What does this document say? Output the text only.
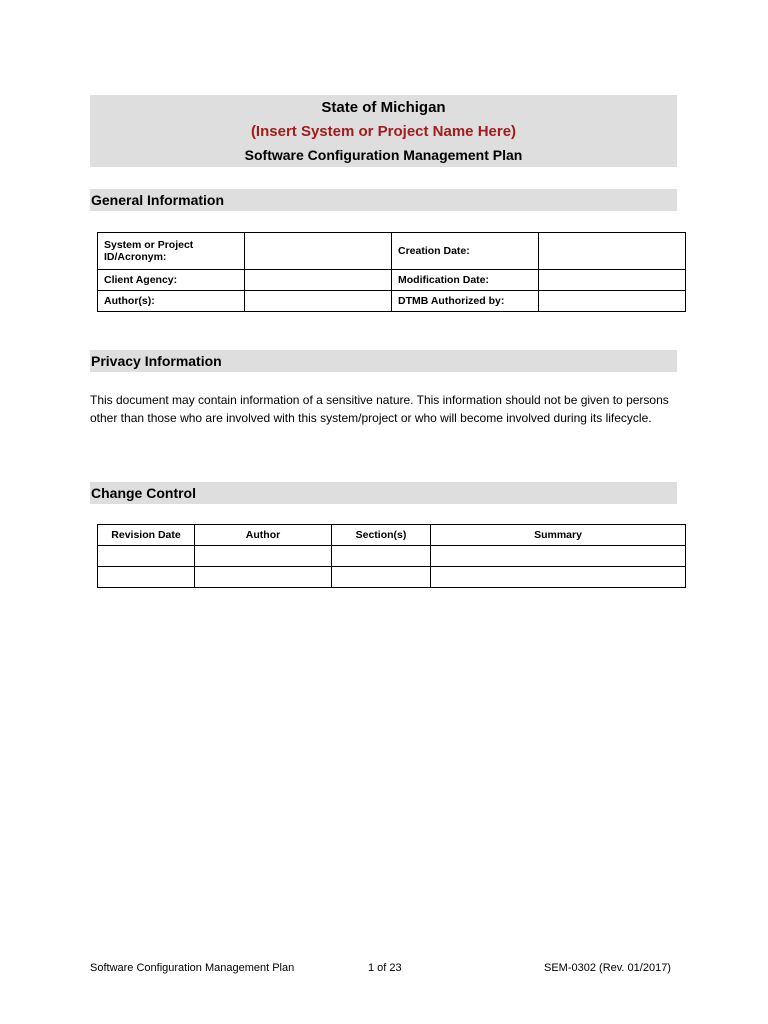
State of Michigan
(Insert System or Project Name Here)
Software Configuration Management Plan
General Information
System or Project ID/Acronym:		Creation Date:	
Client Agency:		Modification Date:	
Author(s):		DTMB Authorized by:	
Privacy Information
This document may contain information of a sensitive nature. This information should not be given to persons other than those who are involved with this system/project or who will become involved during its lifecycle.
Change Control
Revision Date	Author	Section(s)	Summary

Software Configuration Management Plan	1 of 23	SEM-0302 (Rev. 01/2017)
